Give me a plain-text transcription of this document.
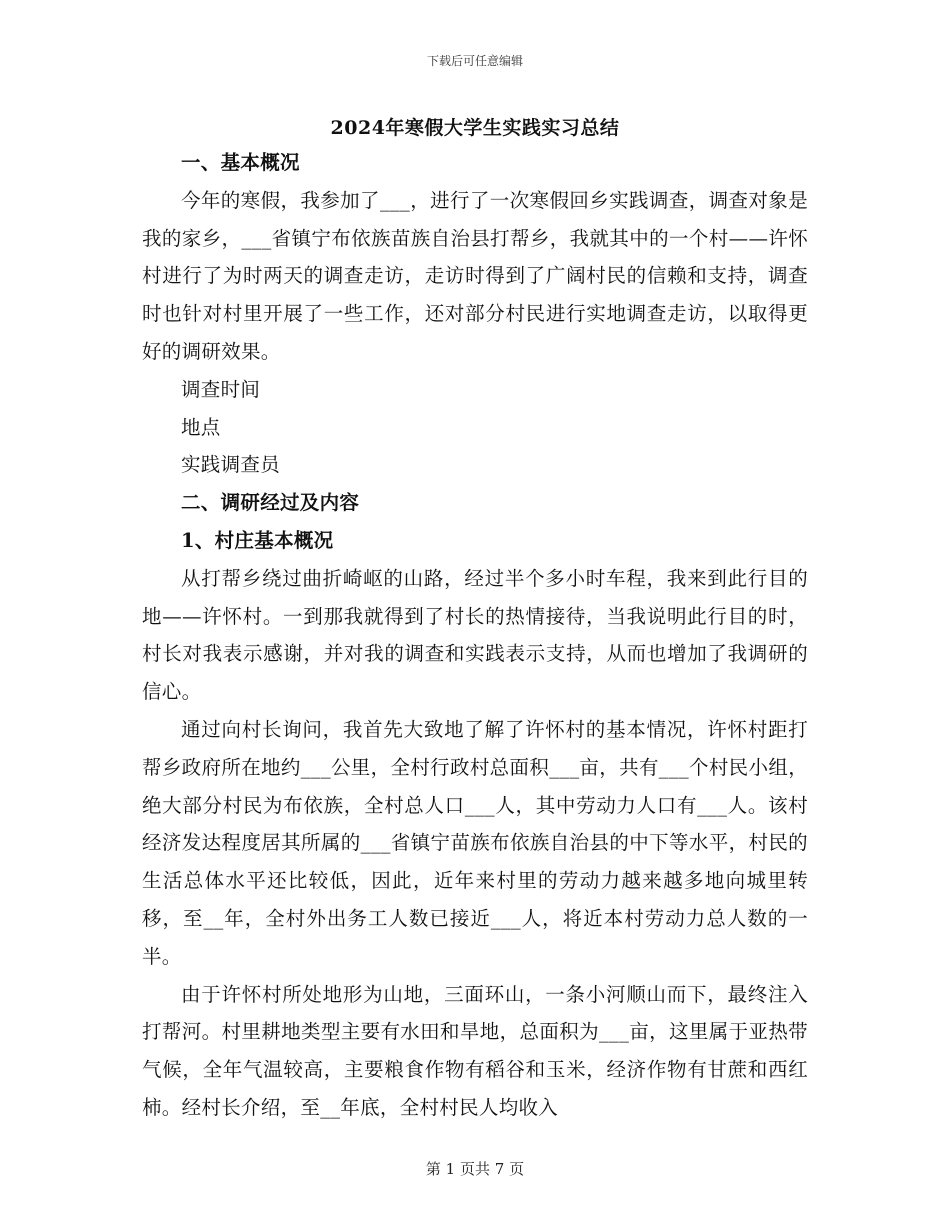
下载后可任意编辑
2024年寒假大学生实践实习总结

一、基本概况

今年的寒假，我参加了___，进行了一次寒假回乡实践调查，调查对象是我的家乡，___省镇宁布依族苗族自治县打帮乡，我就其中的一个村——许怀村进行了为时两天的调查走访，走访时得到了广阔村民的信赖和支持，调查时也针对村里开展了一些工作，还对部分村民进行实地调查走访，以取得更好的调研效果。

调查时间

地点

实践调查员

二、调研经过及内容

1、村庄基本概况

从打帮乡绕过曲折崎岖的山路，经过半个多小时车程，我来到此行目的地——许怀村。一到那我就得到了村长的热情接待，当我说明此行目的时，村长对我表示感谢，并对我的调查和实践表示支持，从而也增加了我调研的信心。

通过向村长询问，我首先大致地了解了许怀村的基本情况，许怀村距打帮乡政府所在地约___公里，全村行政村总面积___亩，共有___个村民小组，绝大部分村民为布依族，全村总人口___人，其中劳动力人口有___人。该村经济发达程度居其所属的___省镇宁苗族布依族自治县的中下等水平，村民的生活总体水平还比较低，因此，近年来村里的劳动力越来越多地向城里转移，至__年，全村外出务工人数已接近___人，将近本村劳动力总人数的一半。

由于许怀村所处地形为山地，三面环山，一条小河顺山而下，最终注入打帮河。村里耕地类型主要有水田和旱地，总面积为___亩，这里属于亚热带气候，全年气温较高，主要粮食作物有稻谷和玉米，经济作物有甘蔗和西红柿。经村长介绍，至__年底，全村村民人均收入

第 1 页共 7 页
